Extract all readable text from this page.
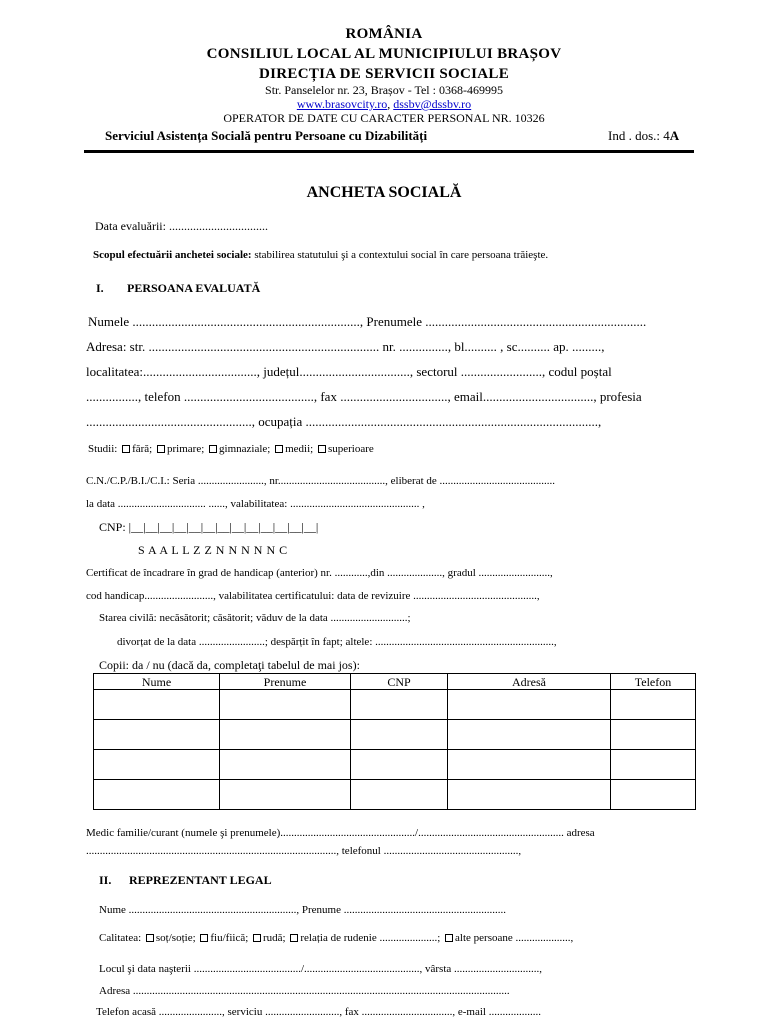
ROMÂNIA
CONSILIUL LOCAL AL MUNICIPIULUI BRAȘOV
DIRECȚIA DE SERVICII SOCIALE
Str. Panselelor nr. 23, Brașov - Tel : 0368-469995
www.brasovcity.ro, dssbv@dssbv.ro
OPERATOR DE DATE CU CARACTER PERSONAL NR. 10326
Serviciul Asistența Socială pentru Persoane cu Dizabilități	Ind . dos.: 4A
ANCHETA SOCIALĂ
Data evaluării: .................................
Scopul efectuării anchetei sociale: stabilirea statutului şi a contextului social în care persoana trăieşte.
I. PERSOANA EVALUATĂ
Numele ......................................................................, Prenumele ....................................................................
Adresa: str. ....................................................................... nr. ..............., bl.......... , sc.......... ap. .........,
localitatea:..................................., județul.................................., sectorul ........................., codul poștal
................, telefon ........................................, fax ................................., email.................................., profesia
..................................................., ocupația ..........................................................................................,
Studii: fără; primare; gimnaziale; medii; superioare
C.N./C.P./B.I./C.I.: Seria ........................, nr......................................., eliberat de ..........................................
la data ................................ ......, valabilitatea: ............................................... ,
CNP: |__|__|__|__|__|__|__|__|__|__|__|__|__|
S A A L L Z Z N N N N N C
Certificat de încadrare în grad de handicap (anterior) nr. ............,din ...................., gradul ..........................,
cod handicap........................., valabilitatea certificatului: data de revizuire .............................................,
Starea civilă: necăsătorit; căsătorit; văduv de la data ............................;
divorțat de la data ........................; despărțit în fapt; altele: .................................................................,
Copii: da / nu (dacă da, completaţi tabelul de mai jos):
Nume	Prenume	CNP	Adresă	Telefon

Medic familie/curant (numele şi prenumele)................................................./..................................................... adresa
..........................................................................................., telefonul .................................................,
II. REPREZENTANT LEGAL
Nume ............................................................., Prenume ...........................................................
Calitatea: soț/soție; fiu/fiică; rudă; relația de rudenie .....................; alte persoane ....................,
Locul şi data naşterii ......................................./.........................................., vârsta ...............................,
Adresa .........................................................................................................................................
Telefon acasă ......................., serviciu ..........................., fax ................................., e-mail ...................
